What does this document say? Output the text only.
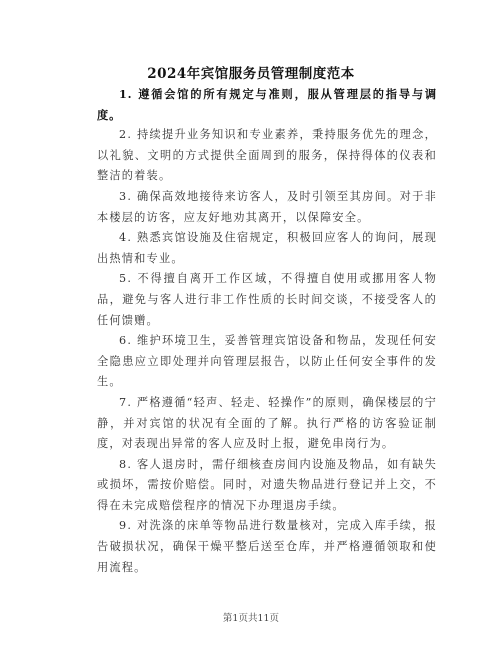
2024年宾馆服务员管理制度范本

1. 遵循会馆的所有规定与准则，服从管理层的指导与调度。

2. 持续提升业务知识和专业素养，秉持服务优先的理念，以礼貌、文明的方式提供全面周到的服务，保持得体的仪表和整洁的着装。

3. 确保高效地接待来访客人，及时引领至其房间。对于非本楼层的访客，应友好地劝其离开，以保障安全。

4. 熟悉宾馆设施及住宿规定，积极回应客人的询问，展现出热情和专业。

5. 不得擅自离开工作区域，不得擅自使用或挪用客人物品，避免与客人进行非工作性质的长时间交谈，不接受客人的任何馈赠。

6. 维护环境卫生，妥善管理宾馆设备和物品，发现任何安全隐患应立即处理并向管理层报告，以防止任何安全事件的发生。

7. 严格遵循“轻声、轻走、轻操作”的原则，确保楼层的宁静，并对宾馆的状况有全面的了解。执行严格的访客验证制度，对表现出异常的客人应及时上报，避免串岗行为。

8. 客人退房时，需仔细核查房间内设施及物品，如有缺失或损坏，需按价赔偿。同时，对遗失物品进行登记并上交，不得在未完成赔偿程序的情况下办理退房手续。

9. 对洗涤的床单等物品进行数量核对，完成入库手续，报告破损状况，确保干燥平整后送至仓库，并严格遵循领取和使用流程。

第1页共11页
